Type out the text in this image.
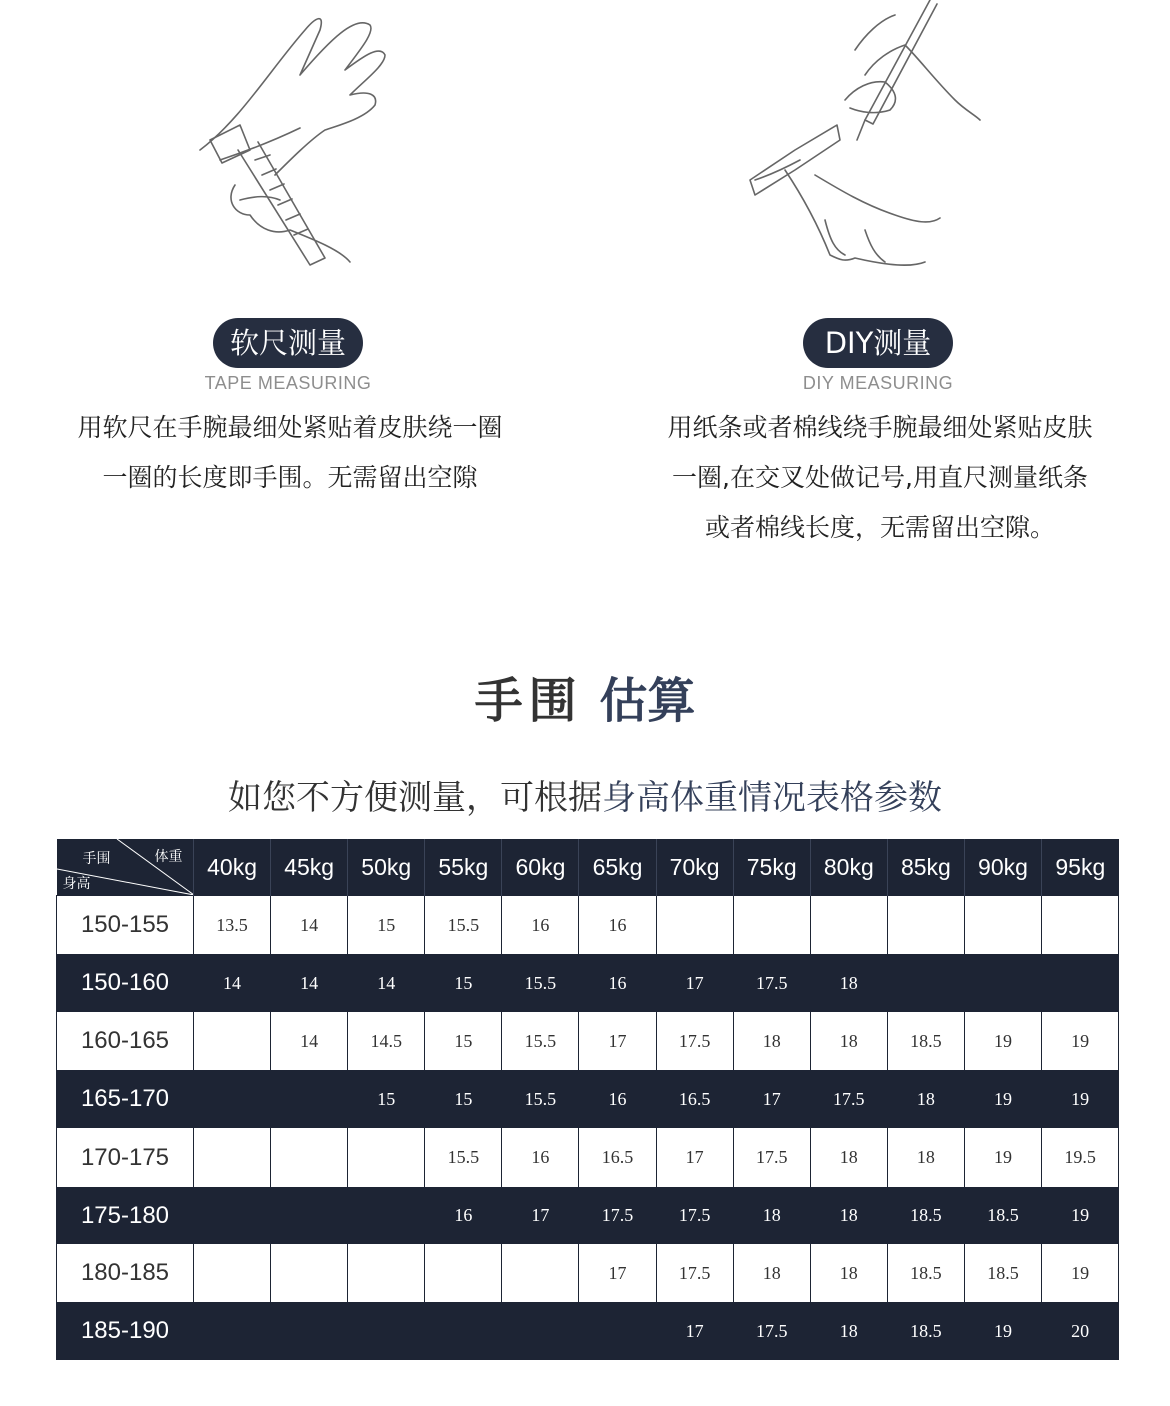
软尺测量
TAPE MEASURING
用软尺在手腕最细处紧贴着皮肤绕一圈
一圈的长度即手围。无需留出空隙
DIY测量
DIY MEASURING
用纸条或者棉线绕手腕最细处紧贴皮肤
一圈,在交叉处做记号,用直尺测量纸条
或者棉线长度，无需留出空隙。
手围 估算
如您不方便测量，可根据身高体重情况表格参数
手围 体重
身高	40kg	45kg	50kg	55kg	60kg	65kg	70kg	75kg	80kg	85kg	90kg	95kg
150-155	13.5	14	15	15.5	16	16						
150-160	14	14	14	15	15.5	16	17	17.5	18			
160-165		14	14.5	15	15.5	17	17.5	18	18	18.5	19	19
165-170			15	15	15.5	16	16.5	17	17.5	18	19	19
170-175				15.5	16	16.5	17	17.5	18	18	19	19.5
175-180				16	17	17.5	17.5	18	18	18.5	18.5	19
180-185						17	17.5	18	18	18.5	18.5	19
185-190							17	17.5	18	18.5	19	20
